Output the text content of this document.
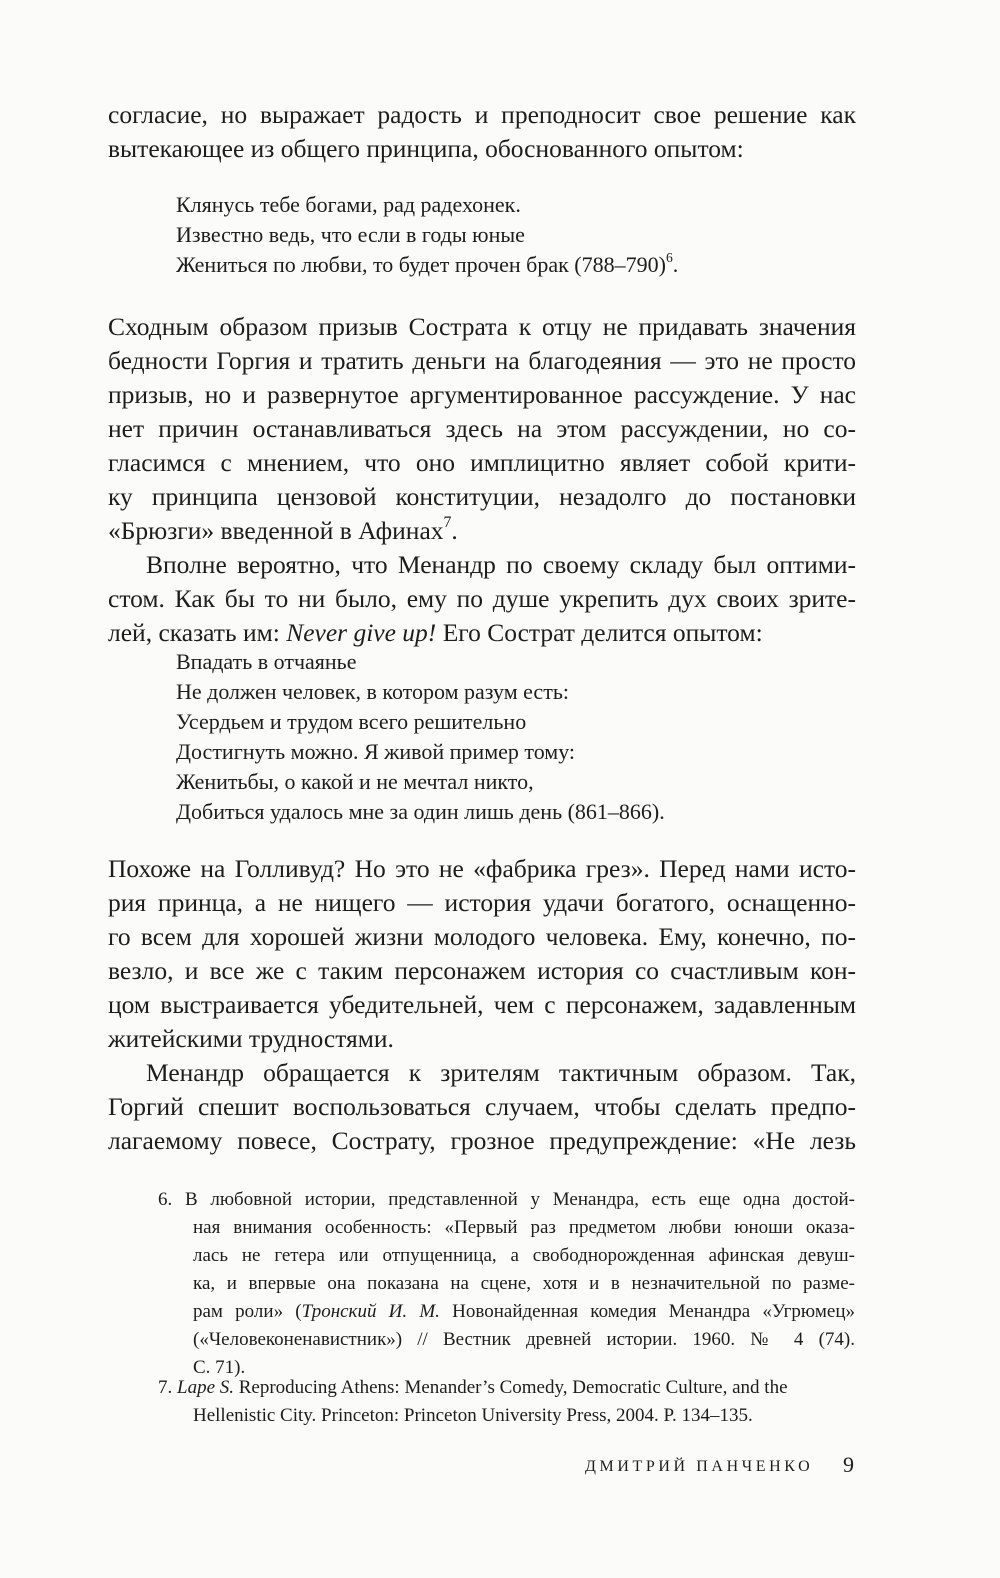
согласие, но выражает радость и преподносит свое решение как
вытекающее из общего принципа, обоснованного опытом:
Клянусь тебе богами, рад радехонек.
Известно ведь, что если в годы юные
Жениться по любви, то будет прочен брак $(788-790)^6$.
Сходным образом призыв Сострата к отцу не придавать значения
бедности Горгия и тратить деньги на благодеяния — это не просто
призыв, но и развернутое аргументированное рассуждение. У нас
нет причин останавливаться здесь на этом рассуждении, но со-
гласимся с мнением, что оно имплицитно являет собой крити-
ку принципа цензовой конституции, незадолго до постановки
«Брюзги» введенной в Афинах$^7$.
Вполне вероятно, что Менандр по своему складу был оптими-
стом. Как бы то ни было, ему по душе укрепить дух своих зрите-
лей, сказать им: Never give up! Его Сострат делится опытом:
Впадать в отчаянье
Не должен человек, в котором разум есть:
Усердьем и трудом всего решительно
Достигнуть можно. Я живой пример тому:
Женитьбы, о какой и не мечтал никто,
Добиться удалось мне за один лишь день (861–866).
Похоже на Голливуд? Но это не «фабрика грез». Перед нами исто-
рия принца, а не нищего — история удачи богатого, оснащенно-
го всем для хорошей жизни молодого человека. Ему, конечно, по-
везло, и все же с таким персонажем история со счастливым кон-
цом выстраивается убедительней, чем с персонажем, задавленным
житейскими трудностями.
Менандр обращается к зрителям тактичным образом. Так,
Горгий спешит воспользоваться случаем, чтобы сделать предпо-
лагаемому повесе, Сострату, грозное предупреждение: «Не лезь
6. В любовной истории, представленной у Менандра, есть еще одна достой-
ная внимания особенность: «Первый раз предметом любви юноши оказа-
лась не гетера или отпущенница, а свободнорожденная афинская девуш-
ка, и впервые она показана на сцене, хотя и в незначительной по разме-
рам роли» (Тронский И. М. Новонайденная комедия Менандра «Угрюмец»
(«Человеконенавистник») // Вестник древней истории. 1960. № 4 (74).
С. 71).
7. Lape S. Reproducing Athens: Menander’s Comedy, Democratic Culture, and the
Hellenistic City. Princeton: Princeton University Press, 2004. P. 134–135.
ДМИТРИЙ ПАНЧЕНКО 9
